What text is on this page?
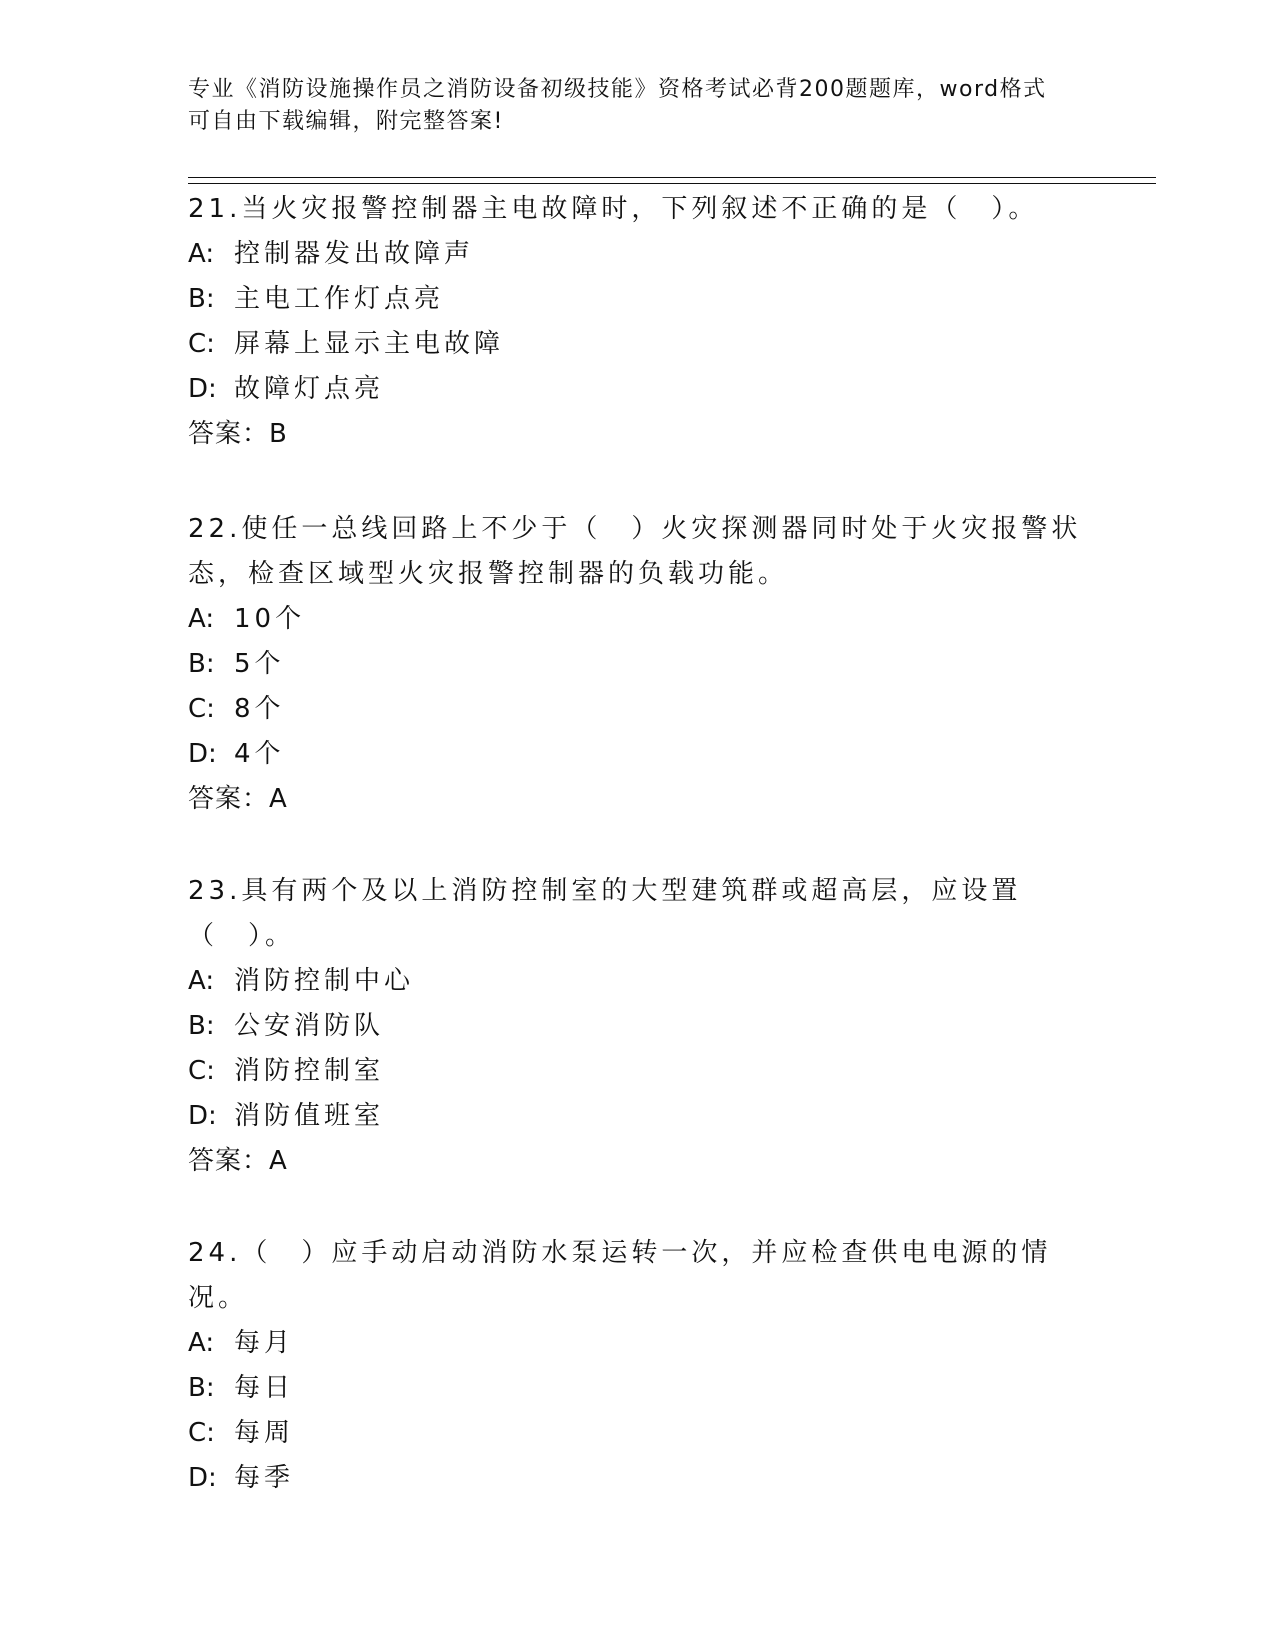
专业《消防设施操作员之消防设备初级技能》资格考试必背200题题库，word格式可自由下载编辑，附完整答案!

21.当火灾报警控制器主电故障时，下列叙述不正确的是（　）。

A: 控制器发出故障声

B: 主电工作灯点亮

C: 屏幕上显示主电故障

D: 故障灯点亮

答案：B

22.使任一总线回路上不少于（　）火灾探测器同时处于火灾报警状态，检查区域型火灾报警控制器的负载功能。

A: 10个

B: 5个

C: 8个

D: 4个

答案：A

23.具有两个及以上消防控制室的大型建筑群或超高层，应设置（　）。

A: 消防控制中心

B: 公安消防队

C: 消防控制室

D: 消防值班室

答案：A

24.（　）应手动启动消防水泵运转一次，并应检查供电电源的情况。

A: 每月

B: 每日

C: 每周

D: 每季
